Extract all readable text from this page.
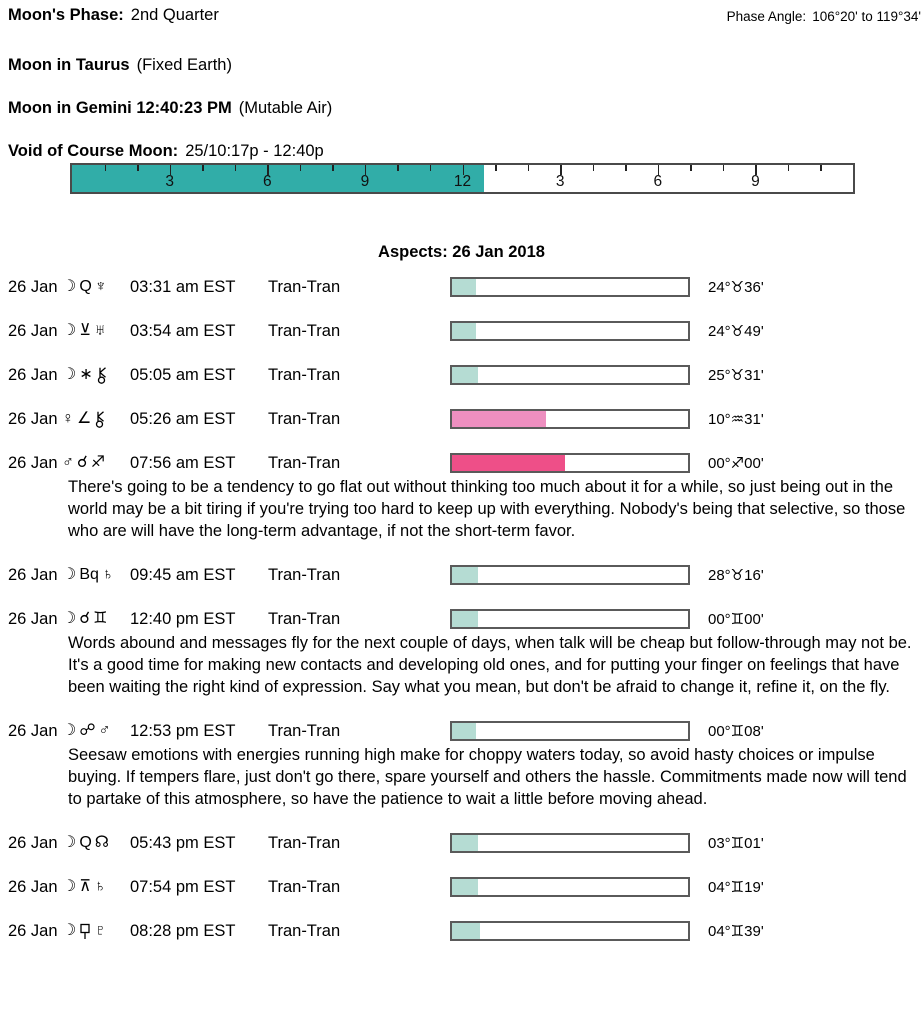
Moon's Phase: 2nd Quarter	Phase Angle: 106°20' to 119°34'
Moon in Taurus (Fixed Earth)
Moon in Gemini 12:40:23 PM (Mutable Air)
Void of Course Moon: 25/10:17p - 12:40p
3	6	9	12	3	6	9
Aspects: 26 Jan 2018
26 Jan ☽ Q ♆ 03:31 am EST	Tran-Tran	24°♉36'
26 Jan ☽ ⊻ ♅ 03:54 am EST	Tran-Tran	24°♉49'
26 Jan ☽ ∗ 05:05 am EST	Tran-Tran	25°♉31'
26 Jan ♀ ∠ 05:26 am EST	Tran-Tran	10°♒31'
26 Jan ♂ ☌ ♐ 07:56 am EST	Tran-Tran	00°♐00'
There's going to be a tendency to go flat out without thinking too much about it for a while, so just being out in the world may be a bit tiring if you're trying too hard to keep up with everything. Nobody's being that selective, so those who are will have the long-term advantage, if not the short-term favor.
26 Jan ☽ Bq ♄ 09:45 am EST	Tran-Tran	28°♉16'
26 Jan ☽ ☌ ♊ 12:40 pm EST	Tran-Tran	00°♊00'
Words abound and messages fly for the next couple of days, when talk will be cheap but follow-through may not be. It's a good time for making new contacts and developing old ones, and for putting your finger on feelings that have been waiting the right kind of expression. Say what you mean, but don't be afraid to change it, refine it, on the fly.
26 Jan ☽ ☍ ♂ 12:53 pm EST	Tran-Tran	00°♊08'
Seesaw emotions with energies running high make for choppy waters today, so avoid hasty choices or impulse buying. If tempers flare, just don't go there, spare yourself and others the hassle. Commitments made now will tend to partake of this atmosphere, so have the patience to wait a little before moving ahead.
26 Jan ☽ Q ☊ 05:43 pm EST	Tran-Tran	03°♊01'
26 Jan ☽ ⊼ ♄ 07:54 pm EST	Tran-Tran	04°♊19'
26 Jan ☽ ♇ 08:28 pm EST	Tran-Tran	04°♊39'
